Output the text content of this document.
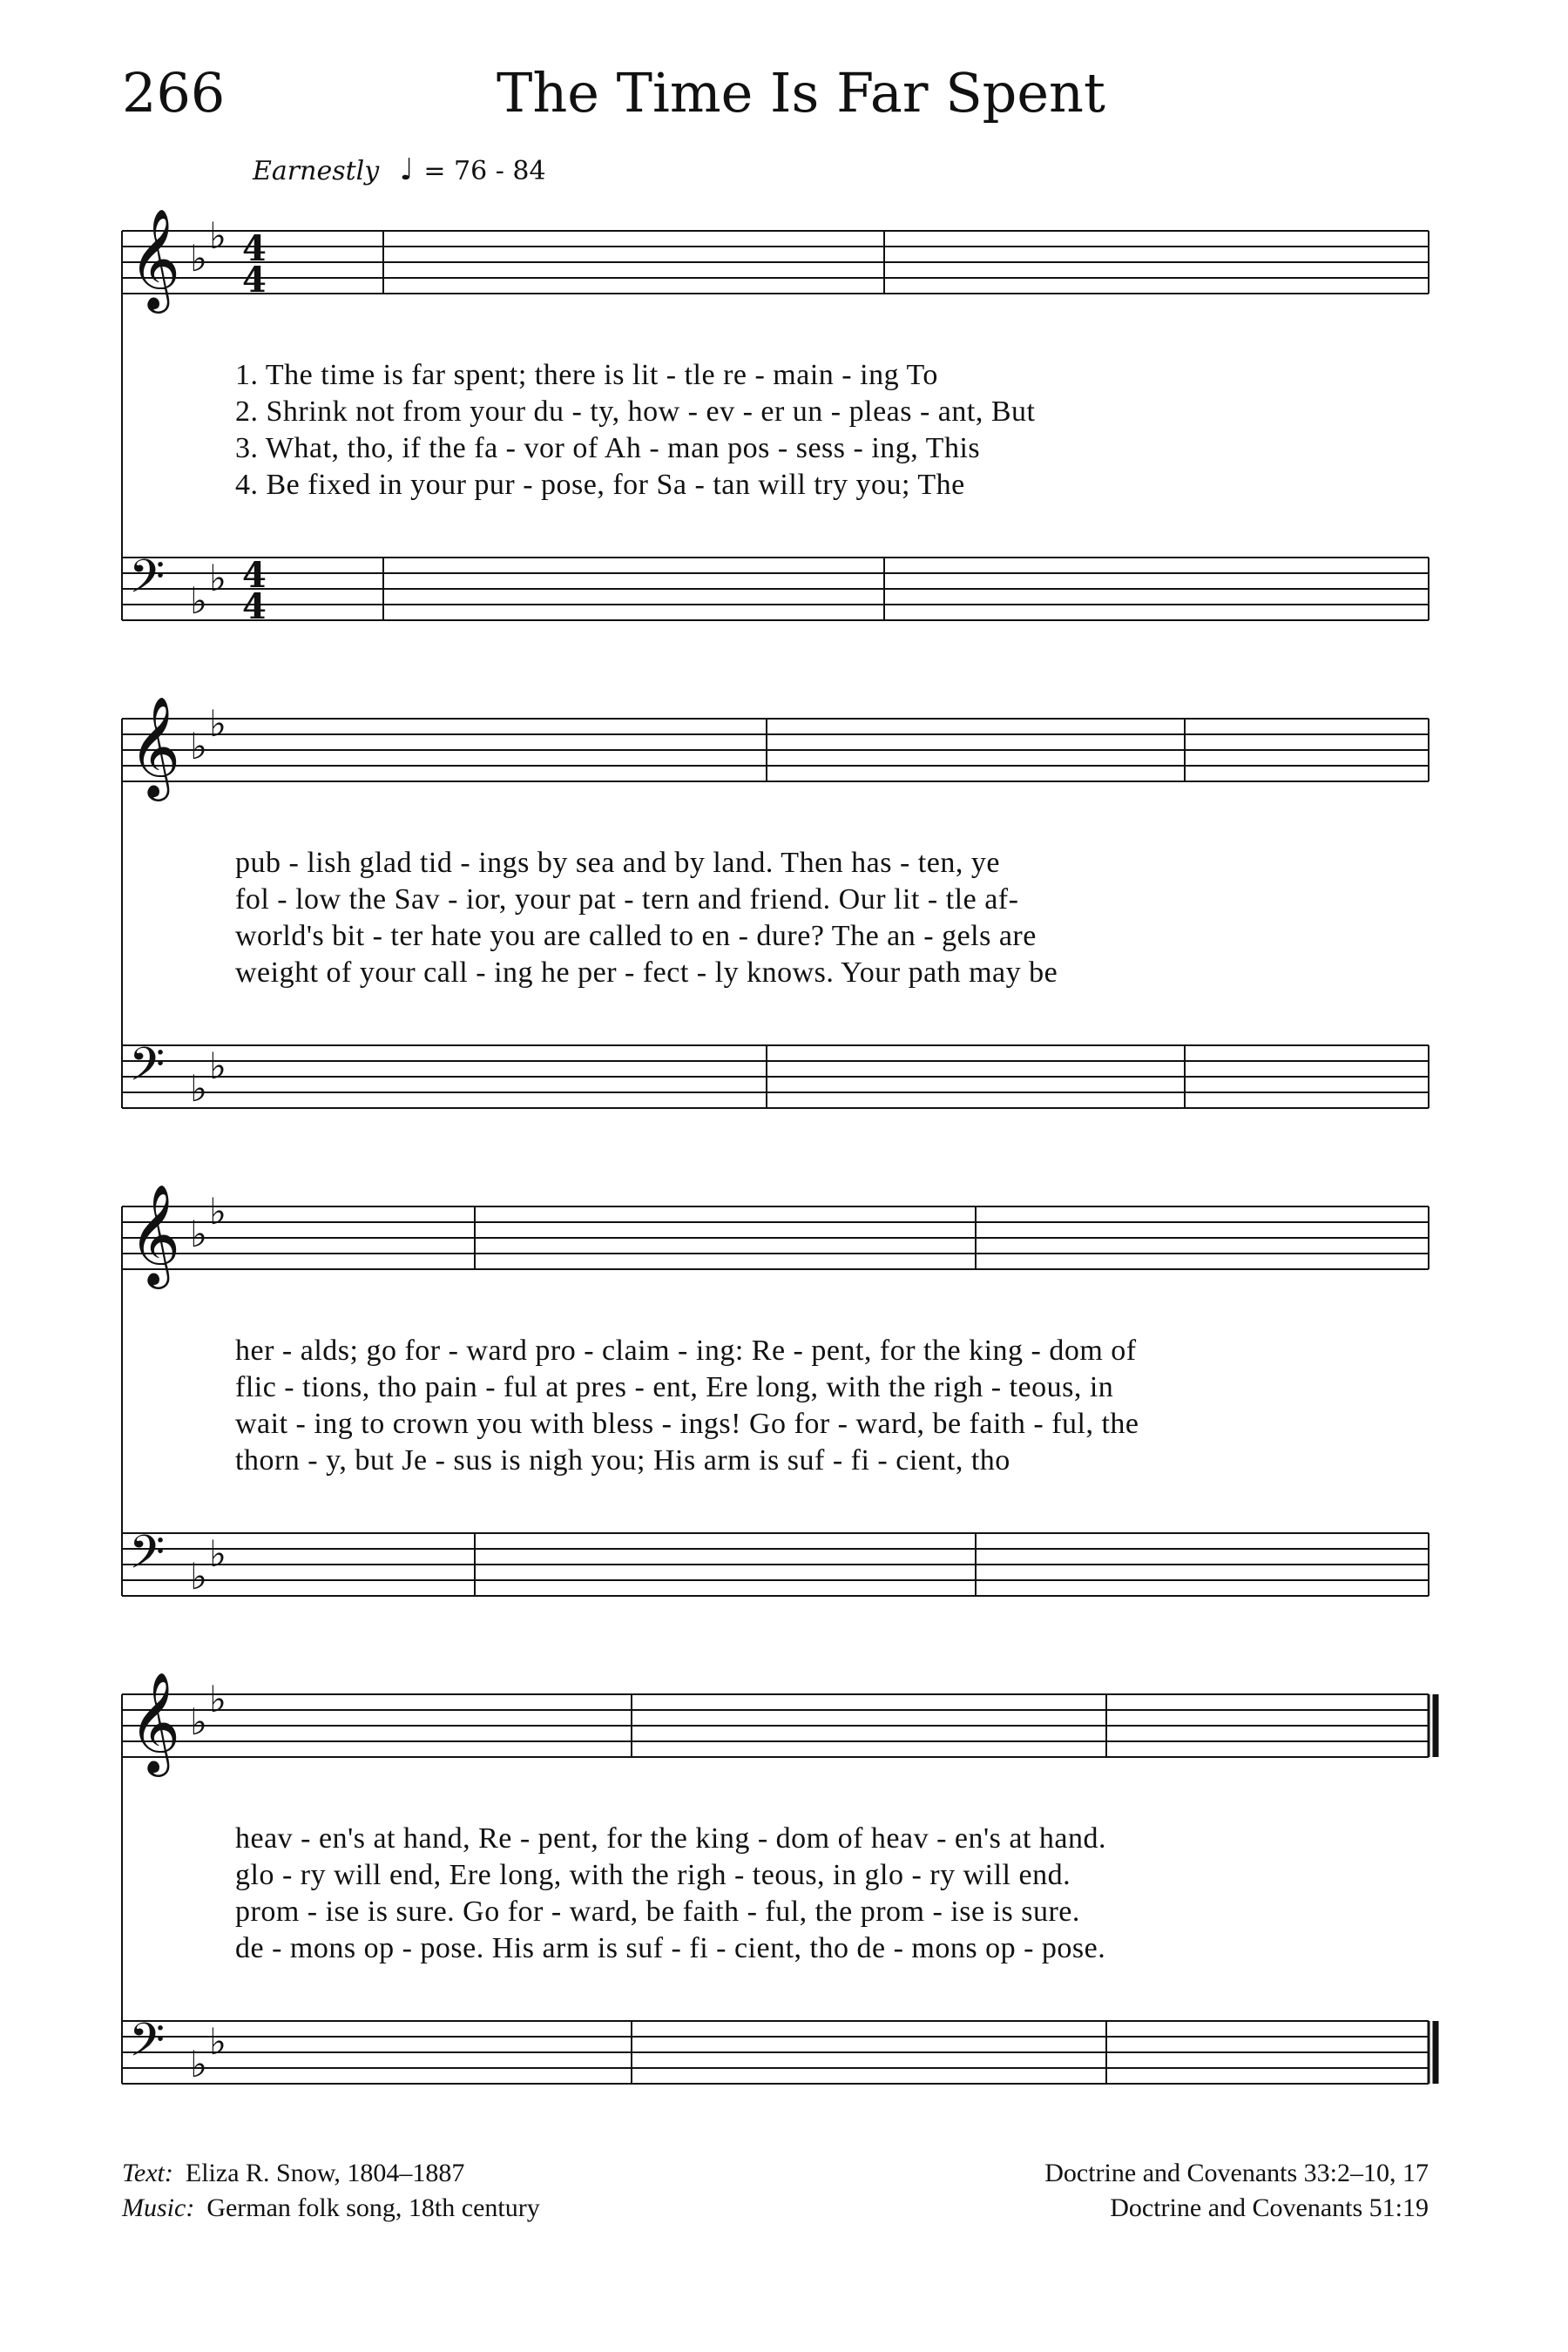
266	The Time Is Far Spent
Earnestly ♩ = 76 - 84
𝄞 ♭
♭ 4
4
𝄢 ♭
♭ 4
4
1. The time is far spent; there is lit - tle re - main - ing To
2. Shrink not from your du - ty, how - ev - er un - pleas - ant, But
3. What, tho, if the fa - vor of Ah - man pos - sess - ing, This
4. Be fixed in your pur - pose, for Sa - tan will try you; The
𝄞 ♭
♭
𝄢 ♭
♭
pub - lish glad tid - ings by sea and by land. Then has - ten, ye
fol - low the Sav - ior, your pat - tern and friend. Our lit - tle af-
world's bit - ter hate you are called to en - dure? The an - gels are
weight of your call - ing he per - fect - ly knows. Your path may be
𝄞 ♭
♭
𝄢 ♭
♭
her - alds; go for - ward pro - claim - ing: Re - pent, for the king - dom of
flic - tions, tho pain - ful at pres - ent, Ere long, with the righ - teous, in
wait - ing to crown you with bless - ings! Go for - ward, be faith - ful, the
thorn - y, but Je - sus is nigh you; His arm is suf - fi - cient, tho
𝄞 ♭
♭
𝄢 ♭
♭
heav - en's at hand, Re - pent, for the king - dom of heav - en's at hand.
glo - ry will end, Ere long, with the righ - teous, in glo - ry will end.
prom - ise is sure. Go for - ward, be faith - ful, the prom - ise is sure.
de - mons op - pose. His arm is suf - fi - cient, tho de - mons op - pose.
Text: Eliza R. Snow, 1804–1887
Music: German folk song, 18th century
Doctrine and Covenants 33:2–10, 17
Doctrine and Covenants 51:19
